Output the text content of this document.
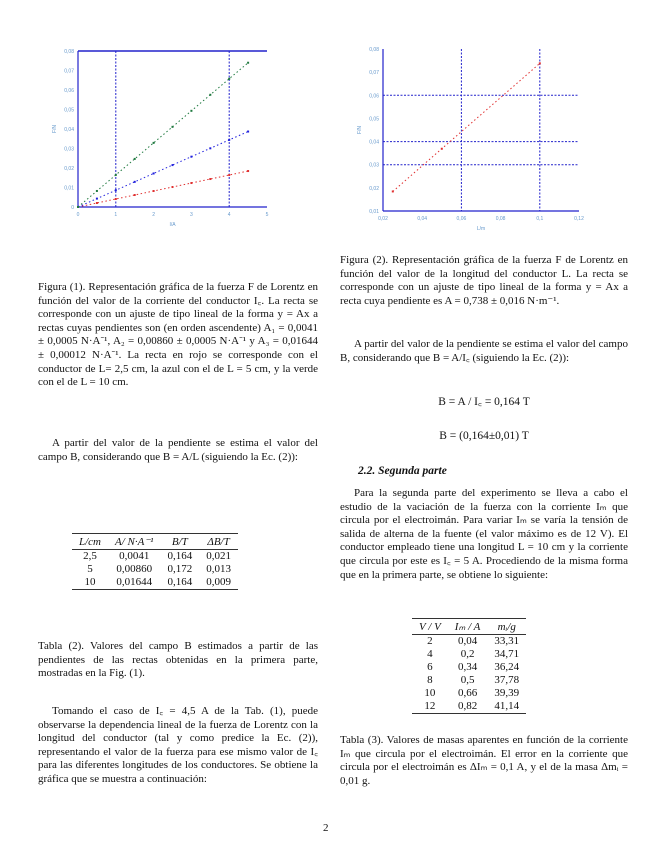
0	1	2	3	4	5
0
0,01
0,02
0,03
0,04
0,05
0,06
0,07
0,08
I/A
F/N
0,02	0,04	0,06	0,08	0,1	0,12
0,01
0,02
0,03
0,04
0,05
0,06
0,07
0,08
L/m
F/N
Figura (1). Representación gráfica de la fuerza F de Lorentz en función del valor de la corriente del conductor I꜀. La recta se corresponde con un ajuste de tipo lineal de la forma y = Ax a rectas cuyas pendientes son (en orden ascendente) A₁ = 0,0041 ± 0,0005 N·A⁻¹, A₂ = 0,00860 ± 0,0005 N·A⁻¹ y A₃ = 0,01644 ± 0,00012 N·A⁻¹. La recta en rojo se corresponde con el conductor de L= 2,5 cm, la azul con el de L = 5 cm, y la verde con el de L = 10 cm.
A partir del valor de la pendiente se estima el valor del campo B, considerando que B = A/L (siguiendo la Ec. (2)):
L/cm	A/ N·A⁻¹	B/T	ΔB/T
2,5	0,0041	0,164	0,021
5	0,00860	0,172	0,013
10	0,01644	0,164	0,009
Tabla (2). Valores del campo B estimados a partir de las pendientes de las rectas obtenidas en la primera parte, mostradas en la Fig. (1).
Tomando el caso de I꜀ = 4,5 A de la Tab. (1), puede observarse la dependencia lineal de la fuerza de Lorentz con la longitud del conductor (tal y como predice la Ec. (2)), representando el valor de la fuerza para ese mismo valor de I꜀ para las diferentes longitudes de los conductores. Se obtiene la gráfica que se muestra a continuación:
Figura (2). Representación gráfica de la fuerza F de Lorentz en función del valor de la longitud del conductor L. La recta se corresponde con un ajuste de tipo lineal de la forma y = Ax a recta cuya pendiente es A = 0,738 ± 0,016 N·m⁻¹.
A partir del valor de la pendiente se estima el valor del campo B, considerando que B = A/I꜀ (siguiendo la Ec. (2)):
B = A / I꜀ = 0,164 T
B = (0,164±0,01) T
2.2. Segunda parte
Para la segunda parte del experimento se lleva a cabo el estudio de la vaciación de la fuerza con la corriente Iₘ que circula por el electroimán. Para variar Iₘ se varía la tensión de salida de alterna de la fuente (el valor máximo es de 12 V). El conductor empleado tiene una longitud L = 10 cm y la corriente que circula por este es I꜀ = 5 A. Procediendo de la misma forma que en la primera parte, se obtiene lo siguiente:
V / V	Iₘ / A	mᵢ/g
2	0,04	33,31
4	0,2	34,71
6	0,34	36,24
8	0,5	37,78
10	0,66	39,39
12	0,82	41,14
Tabla (3). Valores de masas aparentes en función de la corriente Iₘ que circula por el electroimán. El error en la corriente que circula por el electroimán es ΔIₘ = 0,1 A, y el de la masa Δmᵢ = 0,01 g.
2
